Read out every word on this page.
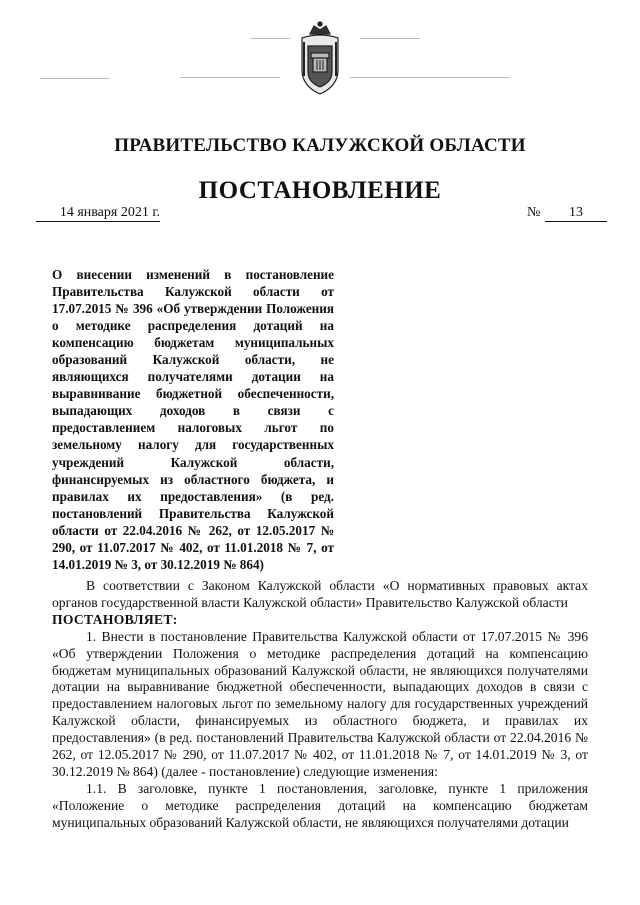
ПРАВИТЕЛЬСТВО КАЛУЖСКОЙ ОБЛАСТИ
ПОСТАНОВЛЕНИЕ
14 января 2021 г.	№	13
О внесении изменений в постановление Правительства Калужской области от 17.07.2015 № 396 «Об утверждении Положения о методике распределения дотаций на компенсацию бюджетам муниципальных образований Калужской области, не являющихся получателями дотации на выравнивание бюджетной обеспеченности, выпадающих доходов в связи с предоставлением налоговых льгот по земельному налогу для государственных учреждений Калужской области, финансируемых из областного бюджета, и правилах их предоставления» (в ред. постановлений Правительства Калужской области от 22.04.2016 № 262, от 12.05.2017 № 290, от 11.07.2017 № 402, от 11.01.2018 № 7, от 14.01.2019 № 3, от 30.12.2019 № 864)

В соответствии с Законом Калужской области «О нормативных правовых актах органов государственной власти Калужской области» Правительство Калужской области

ПОСТАНОВЛЯЕТ:

1. Внести в постановление Правительства Калужской области от 17.07.2015 № 396 «Об утверждении Положения о методике распределения дотаций на компенсацию бюджетам муниципальных образований Калужской области, не являющихся получателями дотации на выравнивание бюджетной обеспеченности, выпадающих доходов в связи с предоставлением налоговых льгот по земельному налогу для государственных учреждений Калужской области, финансируемых из областного бюджета, и правилах их предоставления» (в ред. постановлений Правительства Калужской области от 22.04.2016 № 262, от 12.05.2017 № 290, от 11.07.2017 № 402, от 11.01.2018 № 7, от 14.01.2019 № 3, от 30.12.2019 № 864) (далее - постановление) следующие изменения:

1.1. В заголовке, пункте 1 постановления, заголовке, пункте 1 приложения «Положение о методике распределения дотаций на компенсацию бюджетам муниципальных образований Калужской области, не являющихся получателями дотации
